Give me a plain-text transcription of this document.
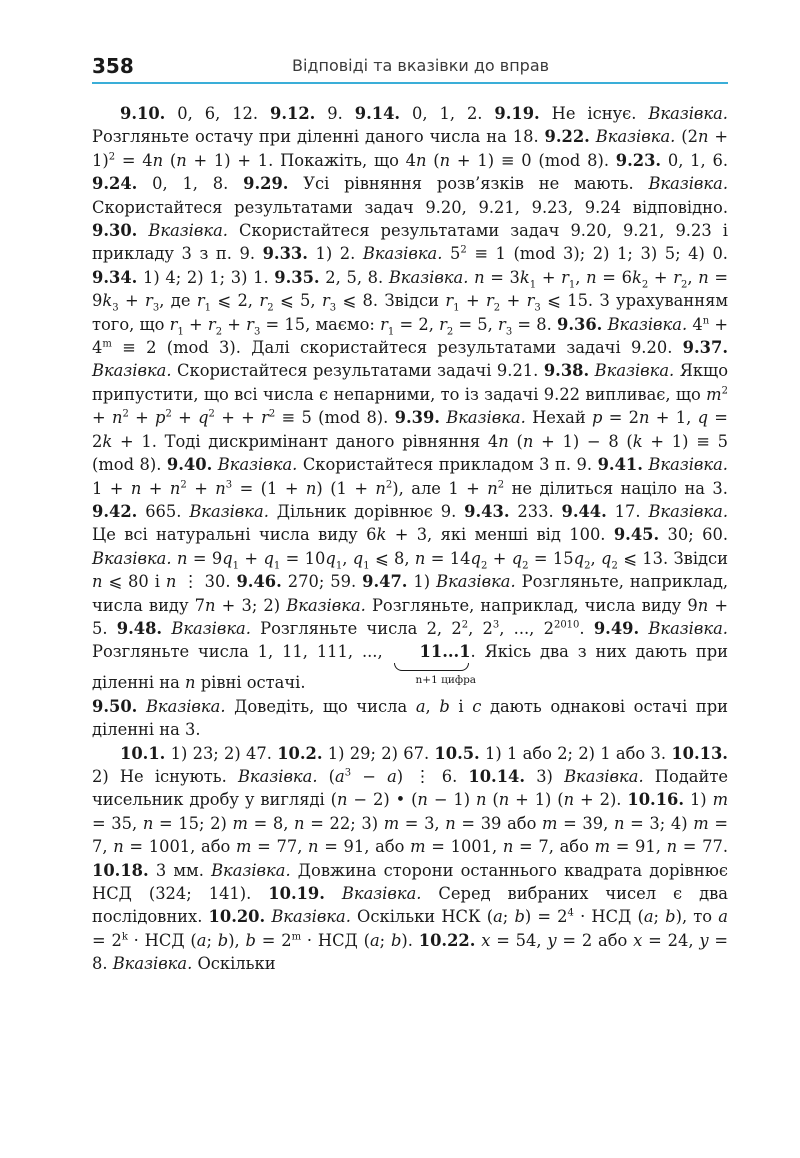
358	Відповіді та вказівки до вправ

9.10. 0, 6, 12. 9.12. 9. 9.14. 0, 1, 2. 9.19. Не існує. Вказівка. Розгляньте остачу при діленні даного числа на 18. 9.22. Вказівка. $(2n + 1)^2 = 4n$ (n + 1) + 1. Покажіть, що 4n (n + 1) ≡ 0 (mod 8). 9.23. 0, 1, 6. 9.24. 0, 1, 8. 9.29. Усі рівняння розв’язків не мають. Вказівка. Скористайтеся результатами задач 9.20, 9.21, 9.23, 9.24 відповідно. 9.30. Вказівка. Скористайтеся результатами задач 9.20, 9.21, 9.23 і прикладу 3 з п. 9. 9.33. 1) 2. Вказівка. $5^2 \equiv 1$ (mod 3); 2) 1; 3) 5; 4) 0. 9.34. 1) 4; 2) 1; 3) 1. 9.35. 2, 5, 8. Вказівка. $n = 3k_1 + r_1$, $n = 6k_2 + r_2$, $n = 9k_3 + r_3$, де $r_1$ ⩽ 2, $r_2$ ⩽ 5, $r_3$ ⩽ 8. Звідси $r_1 + r_2 + r_3$ ⩽ 15. З урахуванням того, що $r_1 + r_2 + r_3 = 15$, маємо: $r_1 = 2$, $r_2 = 5$, $r_3 = 8$. 9.36. Вказівка. $4^n + 4^m \equiv 2$ (mod 3). Далі скористайтеся результатами задачі 9.20. 9.37. Вказівка. Скористайтеся результатами задачі 9.21. 9.38. Вказівка. Якщо припустити, що всі числа є непарними, то із задачі 9.22 випливає, що $m^2 + n^2 + p^2 + q^2$ + + $r^2 \equiv 5$ (mod 8). 9.39. Вказівка. Нехай p = 2n + 1, q = 2k + 1. Тоді дискримінант даного рівняння 4n (n + 1) − 8 (k + 1) ≡ 5 (mod 8). 9.40. Вказівка. Скористайтеся прикладом 3 п. 9. 9.41. Вказівка. $1 + n + n^2 + n^3 = (1 + n) (1 + n^2)$, але $1 + n^2$ не ділиться націло на 3. 9.42. 665. Вказівка. Дільник дорівнює 9. 9.43. 233. 9.44. 17. Вказівка. Це всі натуральні числа виду 6k + 3, які менші від 100. 9.45. 30; 60. Вказівка. $n = 9q_1 + q_1 = 10q_1$, $q_1$ ⩽ 8, $n = 14q_2 + q_2 = 15q_2$, $q_2$ ⩽ 13. Звідси n ⩽ 80 і n ⋮ 30. 9.46. 270; 59. 9.47. 1) Вказівка. Розгляньте, наприклад, числа виду 7n + 3; 2) Вказівка. Розгляньте, наприклад, числа виду 9n + 5. 9.48. Вказівка. Розгляньте числа 2, $2^2$, $2^3$, ..., $2^{2010}$. 9.49. Вказівка. Розгляньте числа 1, 11, 111, ..., 11...1
n+1 цифра
. Якісь два з них дають при діленні на n рівні остачі.

9.50. Вказівка. Доведіть, що числа a, b і c дають однакові остачі при діленні на 3.

10.1. 1) 23; 2) 47. 10.2. 1) 29; 2) 67. 10.5. 1) 1 або 2; 2) 1 або 3. 10.13. 2) Не існують. Вказівка. $(a^3 - a)$ ⋮ 6. 10.14. 3) Вказівка. Подайте чисельник дробу у вигляді (n − 2) • (n − 1) n (n + 1) (n + 2). 10.16. 1) m = 35, n = 15; 2) m = 8, n = 22; 3) m = 3, n = 39 або m = 39, n = 3; 4) m = 7, n = 1001, або m = 77, n = 91, або m = 1001, n = 7, або m = 91, n = 77. 10.18. 3 мм. Вказівка. Довжина сторони останнього квадрата дорівнює НСД (324; 141). 10.19. Вказівка. Серед вибраних чисел є два послідовних. 10.20. Вказівка. Оскільки НСК (a; $b) = 2^4$ · НСД (a; b), то $a = 2^k$ · НСД (a; b), $b = 2^m$ · НСД (a; b). 10.22. x = 54, y = 2 або x = 24, y = 8. Вказівка. Оскільки
